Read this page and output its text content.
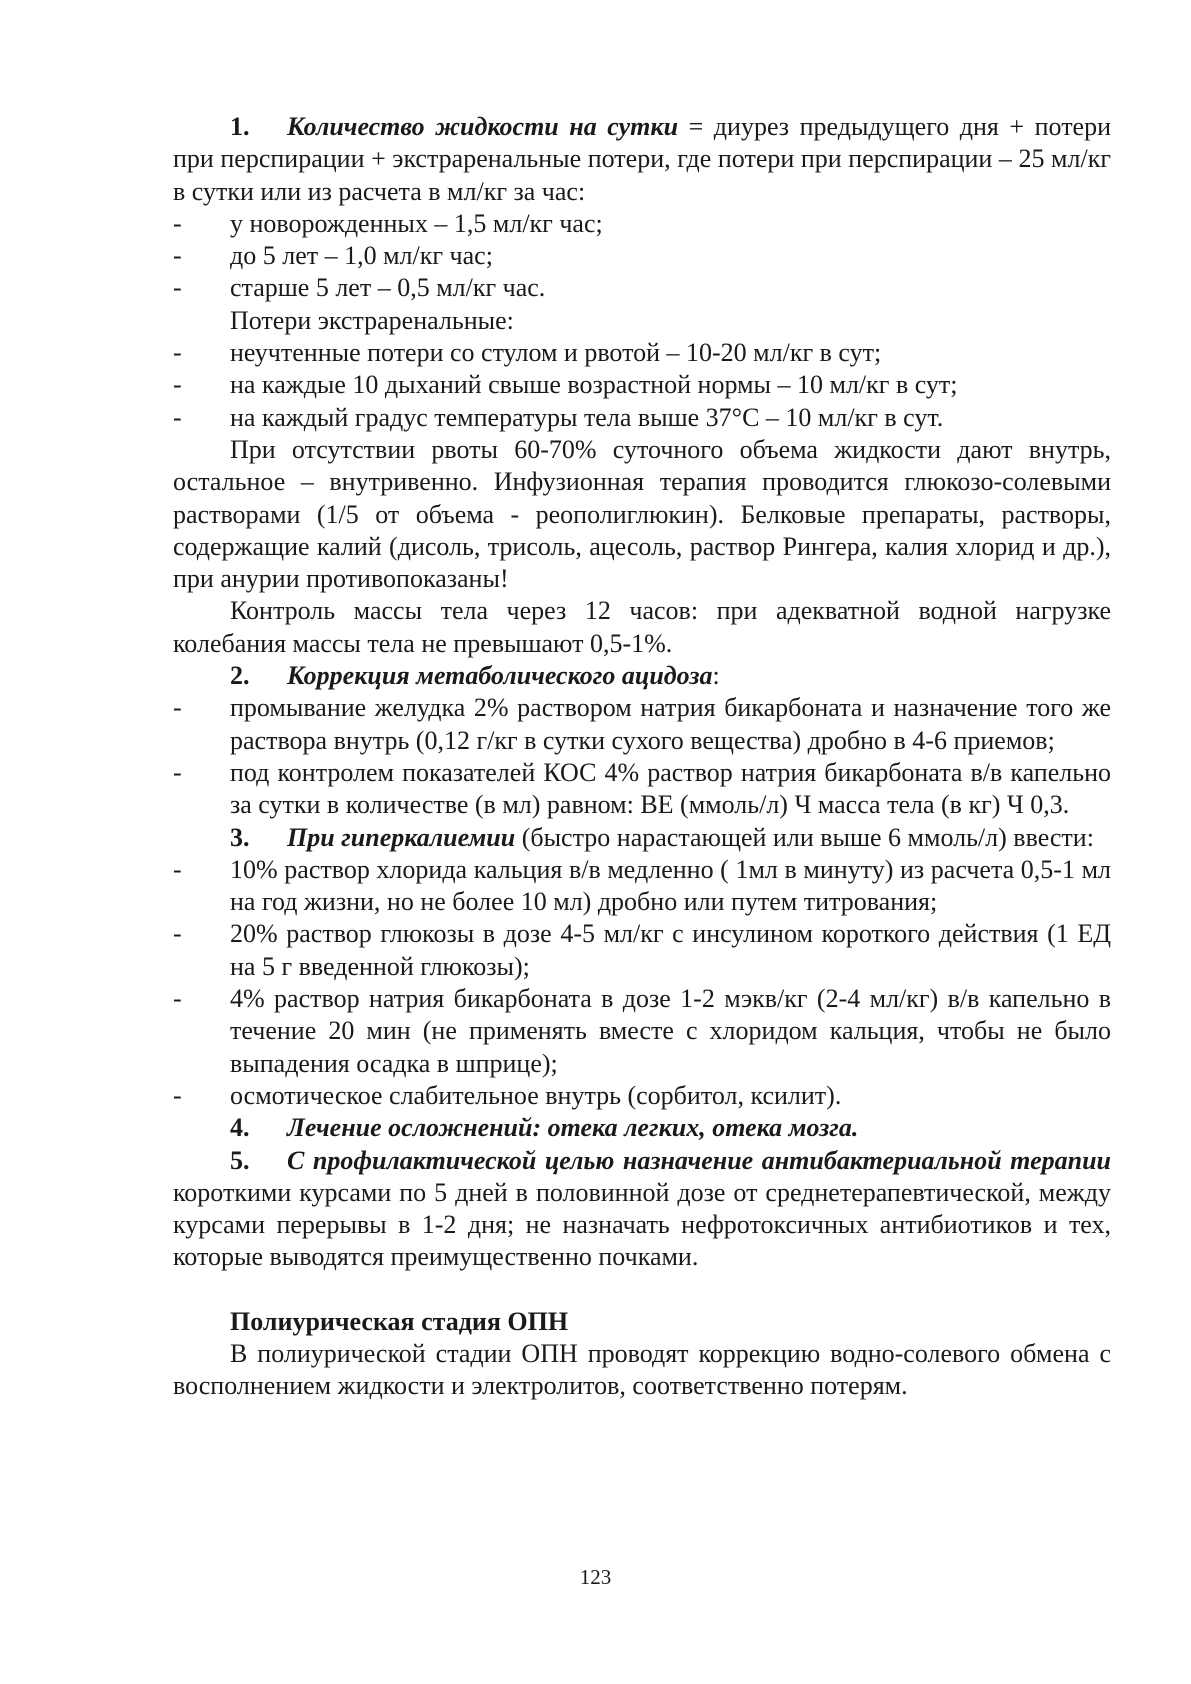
1. Количество жидкости на сутки = диурез предыдущего дня + потери при перспирации + экстраренальные потери, где потери при перспирации – 25 мл/кг в сутки или из расчета в мл/кг за час:

- у новорожденных – 1,5 мл/кг час;

- до 5 лет – 1,0 мл/кг час;

- старше 5 лет – 0,5 мл/кг час.

Потери экстраренальные:

- неучтенные потери со стулом и рвотой – 10-20 мл/кг в сут;

- на каждые 10 дыханий свыше возрастной нормы – 10 мл/кг в сут;

- на каждый градус температуры тела выше 37°С – 10 мл/кг в сут.

При отсутствии рвоты 60-70% суточного объема жидкости дают внутрь, остальное – внутривенно. Инфузионная терапия проводится глюкозо-солевыми растворами (1/5 от объема - реополиглюкин). Белковые препараты, растворы, содержащие калий (дисоль, трисоль, ацесоль, раствор Рингера, калия хлорид и др.), при анурии противопоказаны!

Контроль массы тела через 12 часов: при адекватной водной нагрузке колебания массы тела не превышают 0,5-1%.

2. Коррекция метаболического ацидоза:

- промывание желудка 2% раствором натрия бикарбоната и назначение того же раствора внутрь (0,12 г/кг в сутки сухого вещества) дробно в 4-6 приемов;

- под контролем показателей КОС 4% раствор натрия бикарбоната в/в капельно за сутки в количестве (в мл) равном: ВЕ (ммоль/л) Ч масса тела (в кг) Ч 0,3.

3. При гиперкалиемии (быстро нарастающей или выше 6 ммоль/л) ввести:

- 10% раствор хлорида кальция в/в медленно ( 1мл в минуту) из расчета 0,5-1 мл на год жизни, но не более 10 мл) дробно или путем титрования;

- 20% раствор глюкозы в дозе 4-5 мл/кг с инсулином короткого действия (1 ЕД на 5 г введенной глюкозы);

- 4% раствор натрия бикарбоната в дозе 1-2 мэкв/кг (2-4 мл/кг) в/в капельно в течение 20 мин (не применять вместе с хлоридом кальция, чтобы не было выпадения осадка в шприце);

- осмотическое слабительное внутрь (сорбитол, ксилит).

4. Лечение осложнений: отека легких, отека мозга.

5. С профилактической целью назначение антибактериальной терапии короткими курсами по 5 дней в половинной дозе от среднетерапевтической, между курсами перерывы в 1-2 дня; не назначать нефротоксичных антибиотиков и тех, которые выводятся преимущественно почками.

Полиурическая стадия ОПН

В полиурической стадии ОПН проводят коррекцию водно-солевого обмена с восполнением жидкости и электролитов, соответственно потерям.

123
